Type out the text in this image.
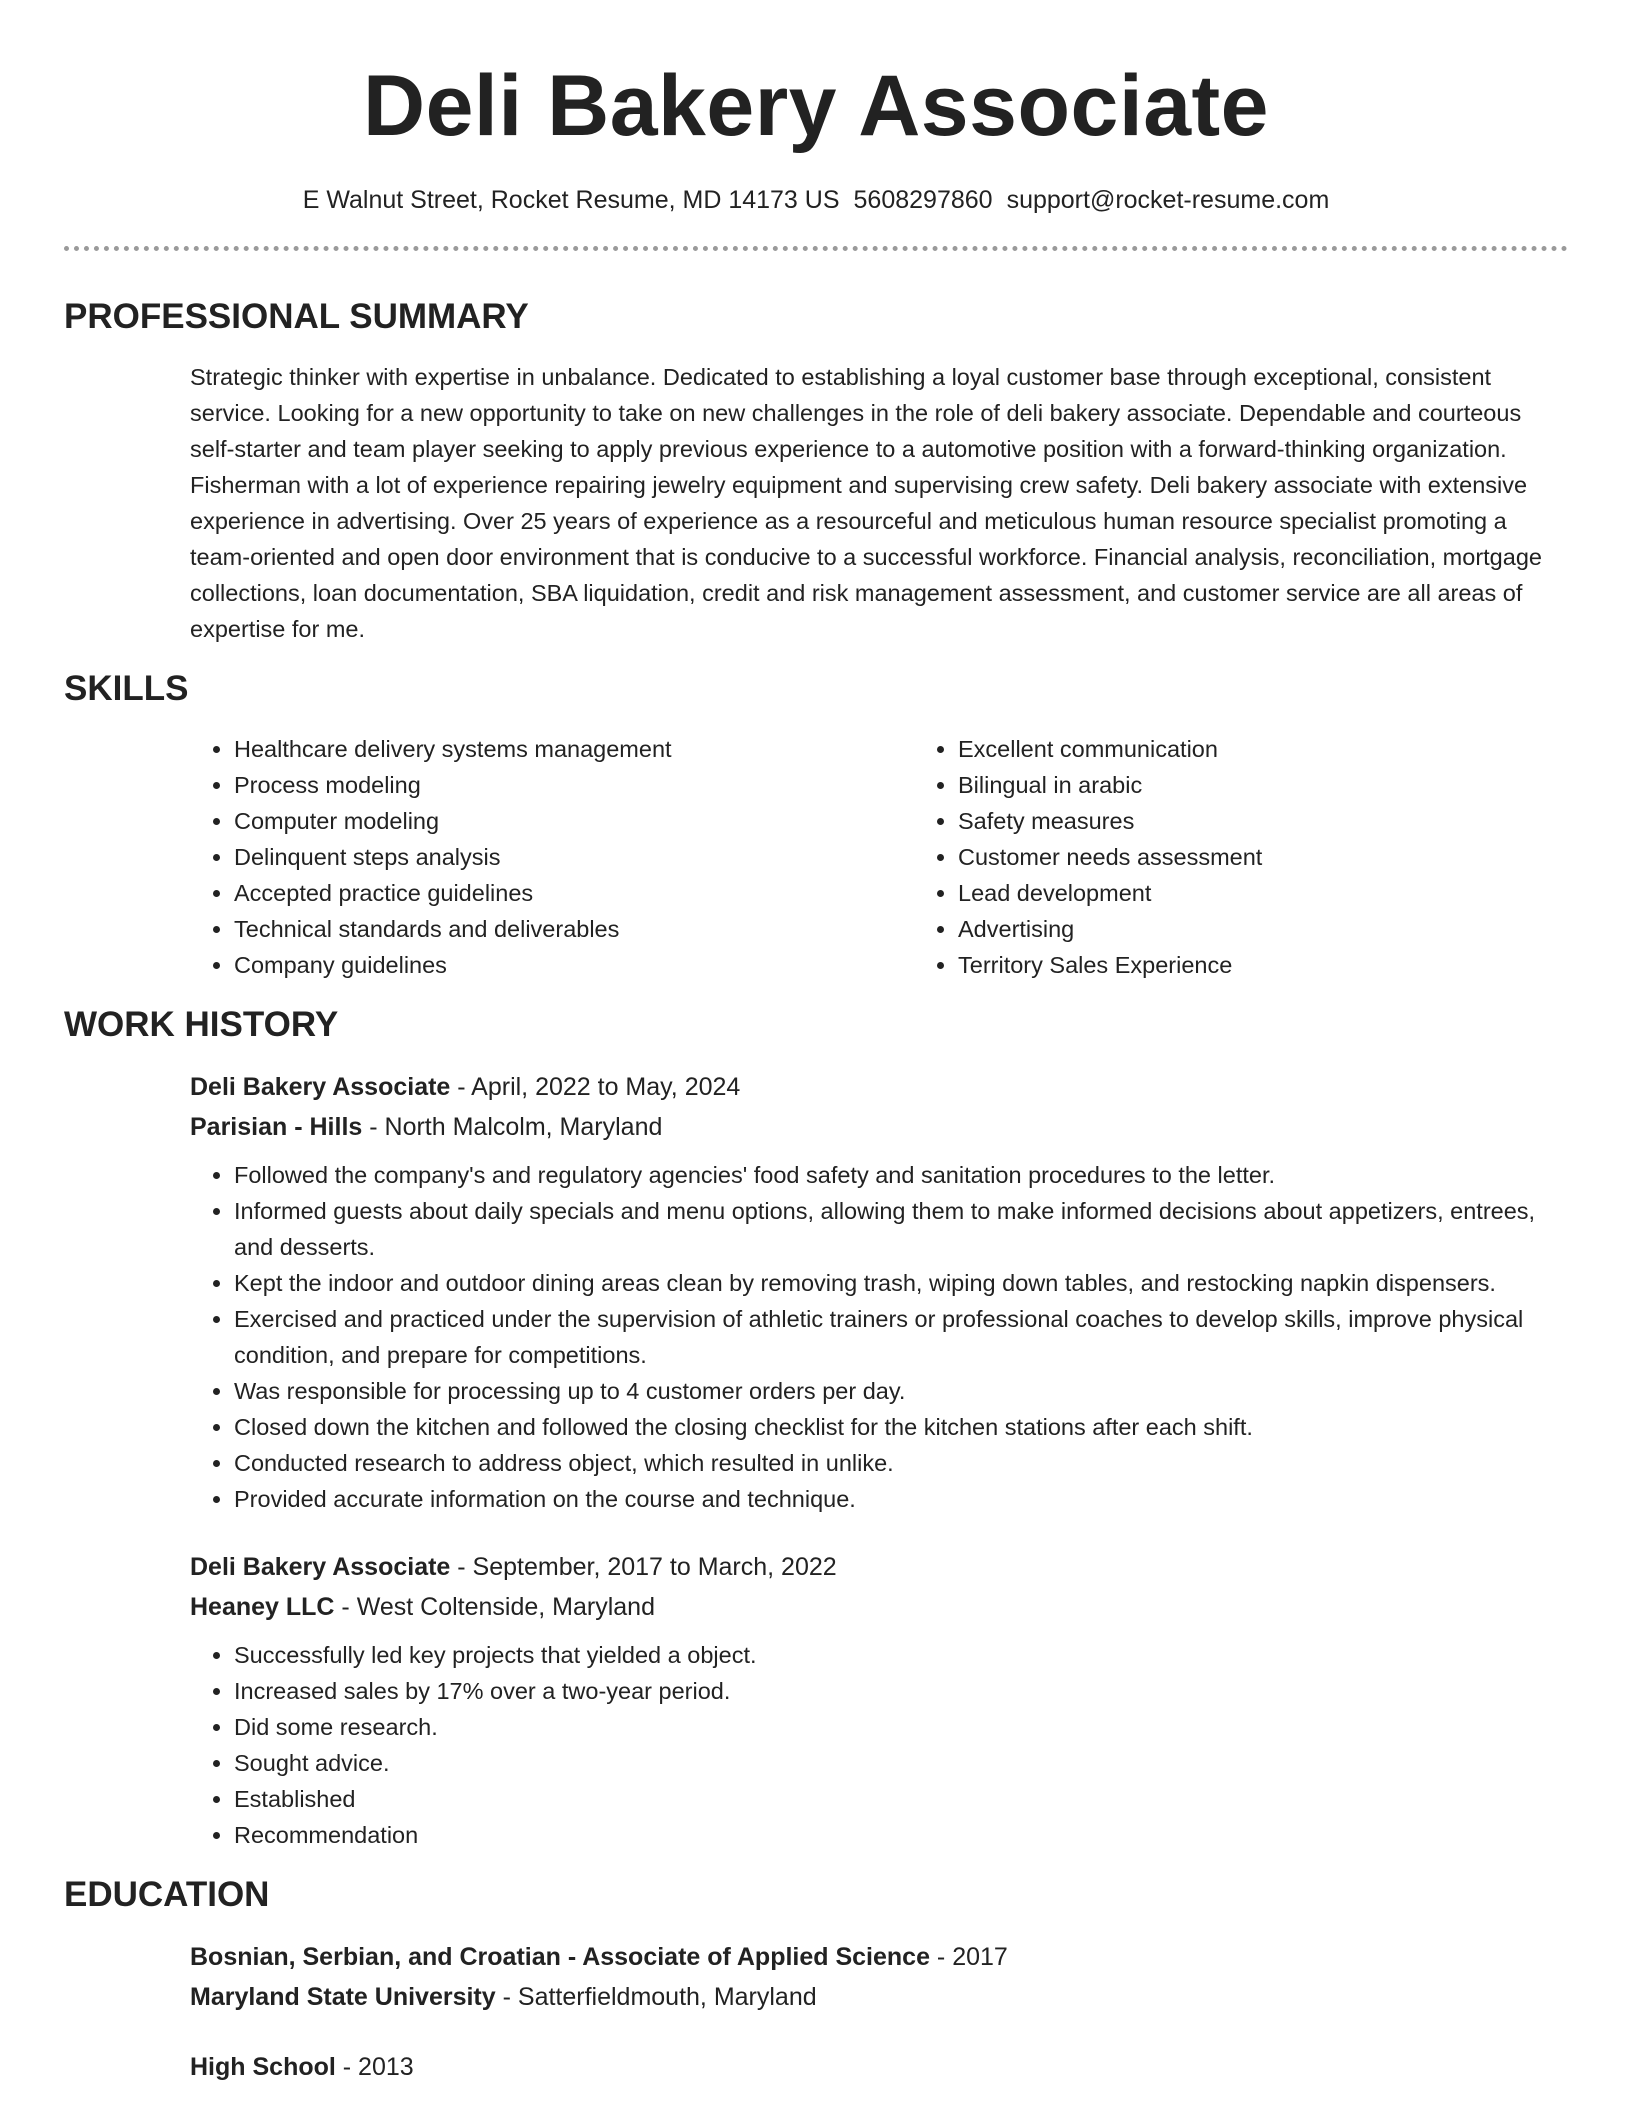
Deli Bakery Associate
E Walnut Street, Rocket Resume, MD 14173 US 5608297860 support@rocket-resume.com
PROFESSIONAL SUMMARY
Strategic thinker with expertise in unbalance. Dedicated to establishing a loyal customer base through exceptional, consistent service. Looking for a new opportunity to take on new challenges in the role of deli bakery associate. Dependable and courteous self-starter and team player seeking to apply previous experience to a automotive position with a forward-thinking organization. Fisherman with a lot of experience repairing jewelry equipment and supervising crew safety. Deli bakery associate with extensive experience in advertising. Over 25 years of experience as a resourceful and meticulous human resource specialist promoting a team-oriented and open door environment that is conducive to a successful workforce. Financial analysis, reconciliation, mortgage collections, loan documentation, SBA liquidation, credit and risk management assessment, and customer service are all areas of expertise for me.
SKILLS
• Healthcare delivery systems management
• Process modeling
• Computer modeling
• Delinquent steps analysis
• Accepted practice guidelines
• Technical standards and deliverables
• Company guidelines
• Excellent communication
• Bilingual in arabic
• Safety measures
• Customer needs assessment
• Lead development
• Advertising
• Territory Sales Experience
WORK HISTORY
Deli Bakery Associate - April, 2022 to May, 2024
Parisian - Hills - North Malcolm, Maryland
• Followed the company's and regulatory agencies' food safety and sanitation procedures to the letter.
• Informed guests about daily specials and menu options, allowing them to make informed decisions about appetizers, entrees, and desserts.
• Kept the indoor and outdoor dining areas clean by removing trash, wiping down tables, and restocking napkin dispensers.
• Exercised and practiced under the supervision of athletic trainers or professional coaches to develop skills, improve physical condition, and prepare for competitions.
• Was responsible for processing up to 4 customer orders per day.
• Closed down the kitchen and followed the closing checklist for the kitchen stations after each shift.
• Conducted research to address object, which resulted in unlike.
• Provided accurate information on the course and technique.
Deli Bakery Associate - September, 2017 to March, 2022
Heaney LLC - West Coltenside, Maryland
• Successfully led key projects that yielded a object.
• Increased sales by 17% over a two-year period.
• Did some research.
• Sought advice.
• Established
• Recommendation
EDUCATION
Bosnian, Serbian, and Croatian - Associate of Applied Science - 2017
Maryland State University - Satterfieldmouth, Maryland
High School - 2013
